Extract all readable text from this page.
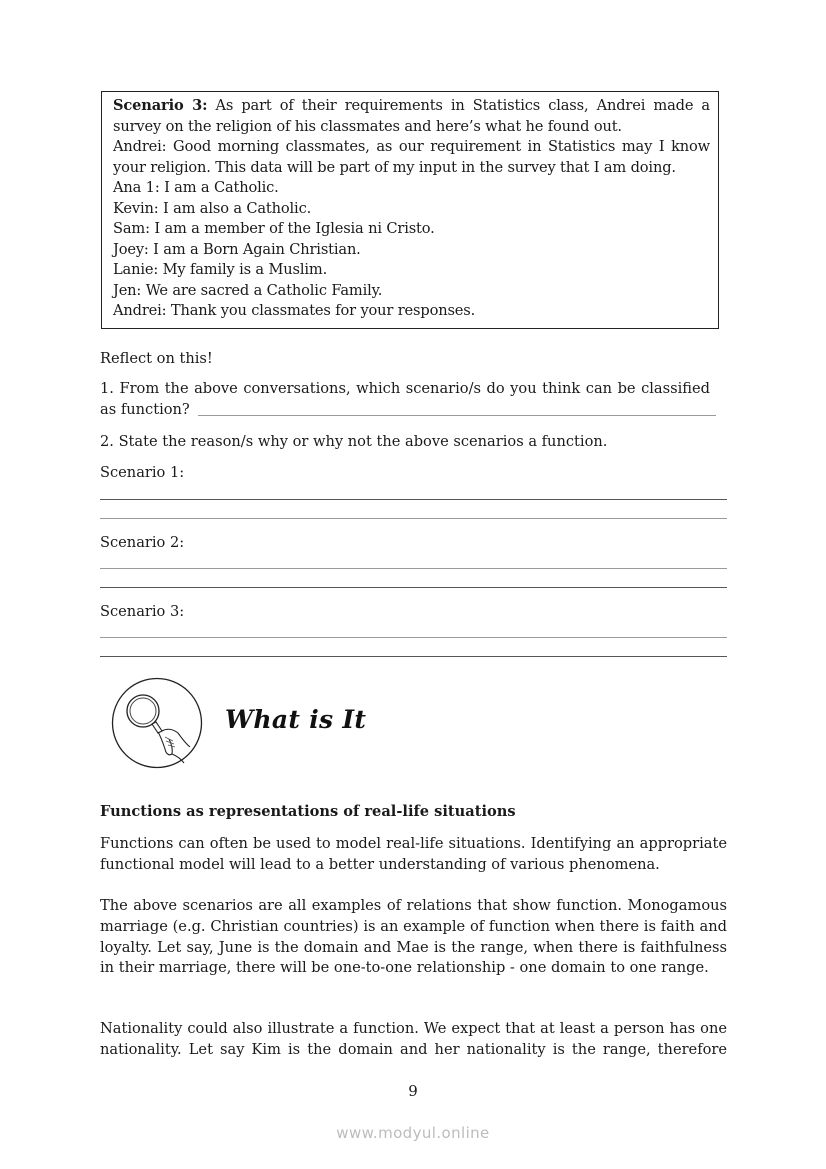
Scenario 3: As part of their requirements in Statistics class, Andrei made a
survey on the religion of his classmates and here’s what he found out.
Andrei: Good morning classmates, as our requirement in Statistics may I know
your religion. This data will be part of my input in the survey that I am doing.
Ana 1: I am a Catholic.
Kevin: I am also a Catholic.
Sam: I am a member of the Iglesia ni Cristo.
Joey: I am a Born Again Christian.
Lanie: My family is a Muslim.
Jen: We are sacred a Catholic Family.
Andrei: Thank you classmates for your responses.
Reflect on this!
1. From the above conversations, which scenario/s do you think can be classified
as function?
2. State the reason/s why or why not the above scenarios a function.
Scenario 1:
Scenario 2:
Scenario 3:
What is It
Functions as representations of real-life situations
Functions can often be used to model real-life situations. Identifying an appropriate
functional model will lead to a better understanding of various phenomena.
The above scenarios are all examples of relations that show function. Monogamous
marriage (e.g. Christian countries) is an example of function when there is faith and
loyalty. Let say, June is the domain and Mae is the range, when there is faithfulness
in their marriage, there will be one-to-one relationship - one domain to one range.
Nationality could also illustrate a function. We expect that at least a person has one
nationality. Let say Kim is the domain and her nationality is the range, therefore
9
www.modyul.online
